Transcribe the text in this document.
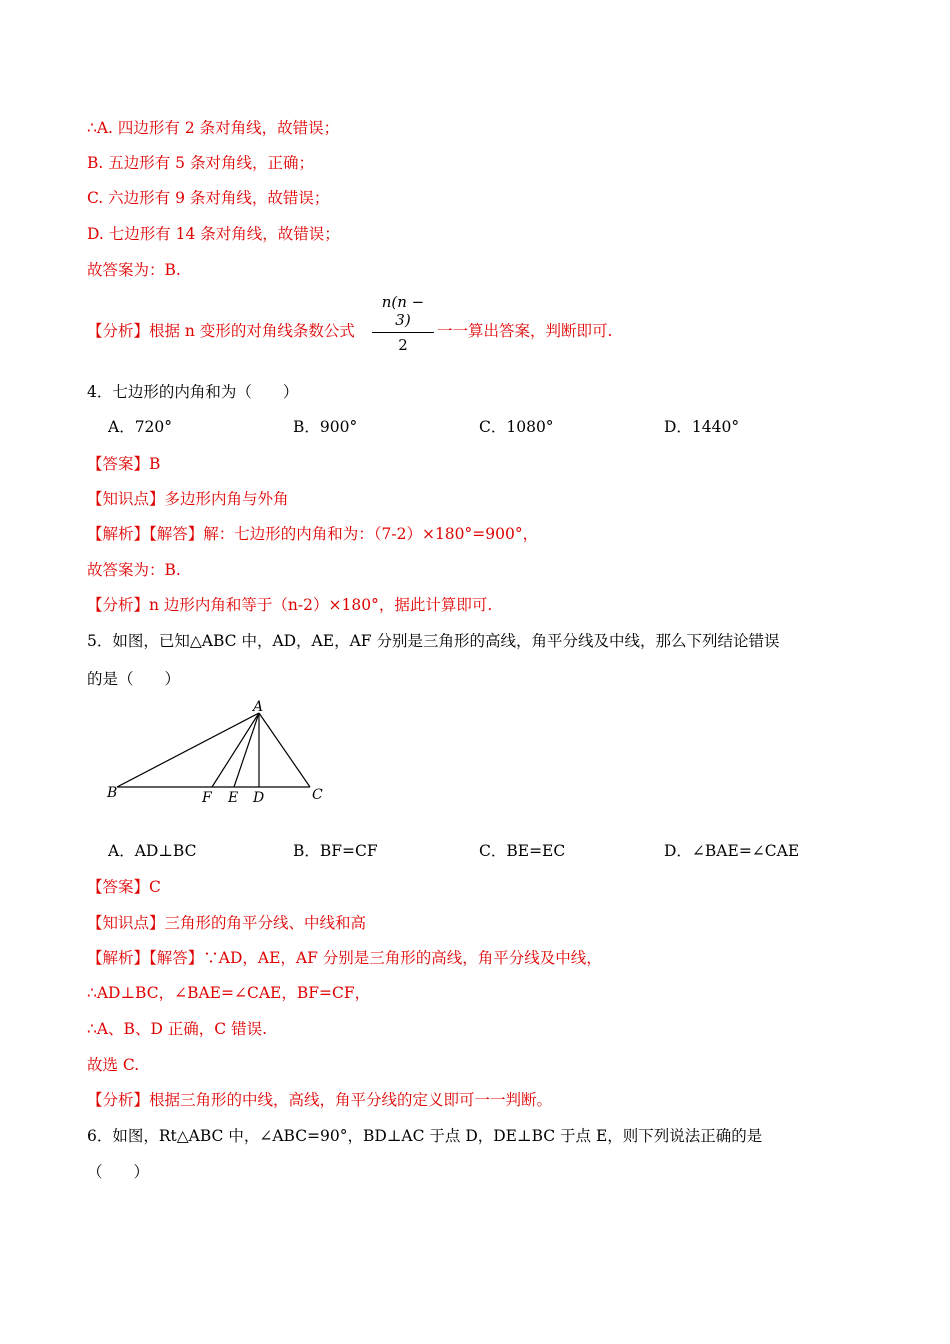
∴A. 四边形有 2 条对角线，故错误；
B. 五边形有 5 条对角线，正确；
C. 六边形有 9 条对角线，故错误；
D. 七边形有 14 条对角线，故错误；
故答案为：B.
【分析】根据 n 变形的对角线条数公式
n(n − 3)
2
一一算出答案，判断即可.
4．七边形的内角和为（　　）
A．720°	B．900°	C．1080°	D．1440°
【答案】B
【知识点】多边形内角与外角
【解析】【解答】解：七边形的内角和为：（7-2）×180°=900°，
故答案为：B.
【分析】n 边形内角和等于（n-2）×180°，据此计算即可.
5．如图，已知△ABC 中，AD，AE，AF 分别是三角形的高线，角平分线及中线，那么下列结论错误
的是（　　）
A
B	C
D
E
F
A．AD⊥BC	B．BF=CF	C．BE=EC	D．∠BAE=∠CAE
【答案】C
【知识点】三角形的角平分线、中线和高
【解析】【解答】∵AD，AE，AF 分别是三角形的高线，角平分线及中线，
∴AD⊥BC，∠BAE=∠CAE，BF=CF，
∴A、B、D 正确，C 错误.
故选 C.
【分析】根据三角形的中线，高线，角平分线的定义即可一一判断。
6．如图，Rt△ABC 中，∠ABC=90°，BD⊥AC 于点 D，DE⊥BC 于点 E，则下列说法正确的是
（　　）
